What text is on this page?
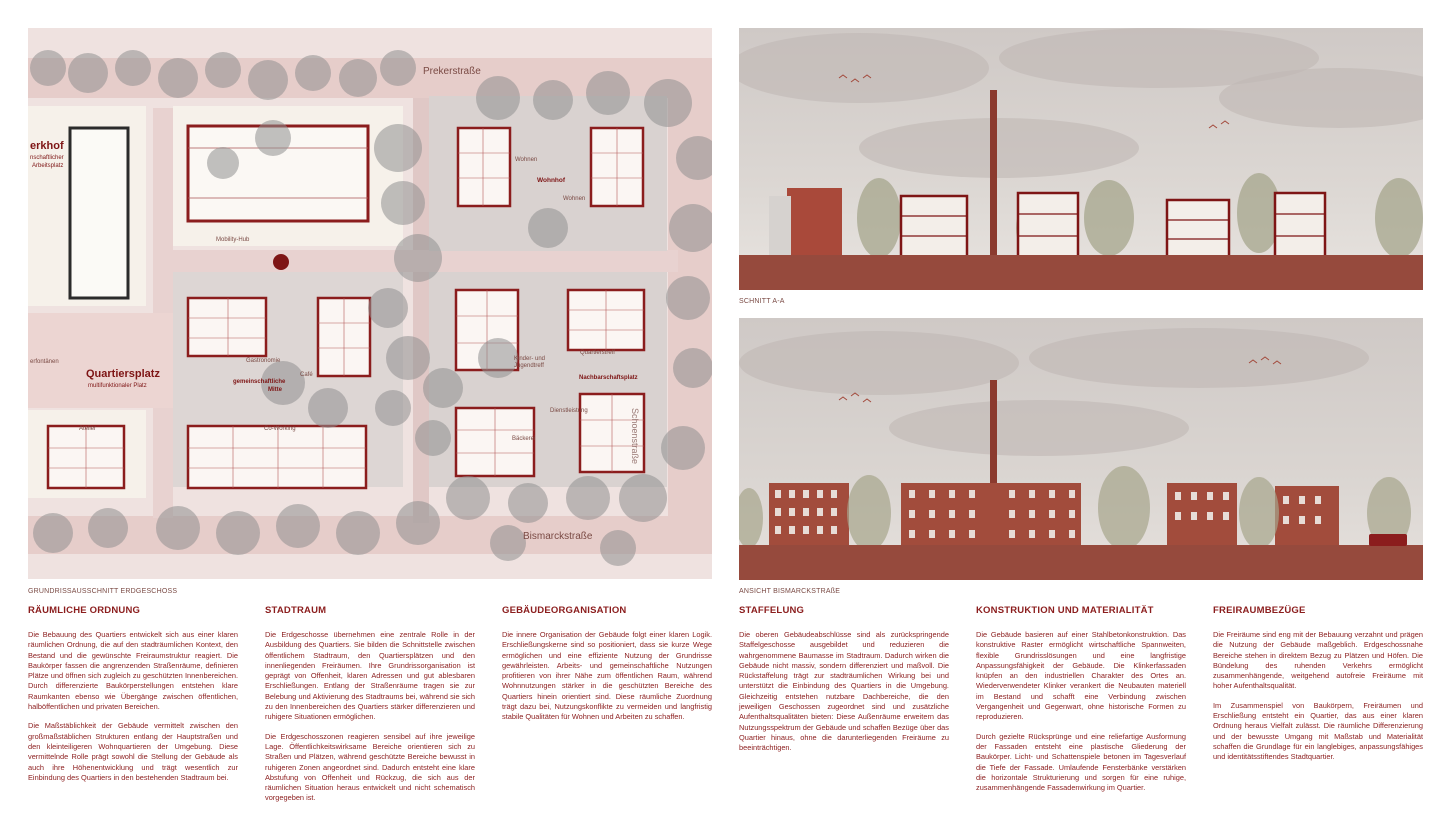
Prekerstraße
Bismarckstraße
Schoenstraße
erkhof
nschaftlicher
Arbeitsplatz
Mobility-Hub
Wohnen
Wohnhof
Wohnen
Gastronomie
gemeinschaftliche
Mitte
Café
Kinder- und
Jugendtreff
Quartierstreff
Nachbarschaftsplatz
Quartiersplatz
multifunktionaler Platz
erfontänen
Atelier	Co-Working
Bäckerei
Dienstleistung
GRUNDRISSAUSSCHNITT ERDGESCHOSS
SCHNITT A-A
ANSICHT BISMARCKSTRAßE
RÄUMLICHE ORDNUNG

Die Bebauung des Quartiers entwickelt sich aus einer klaren räumlichen Ordnung, die auf den stadträumlichen Kontext, den Bestand und die gewünschte Freiraumstruktur reagiert. Die Baukörper fassen die angrenzenden Straßenräume, definieren Plätze und öffnen sich zugleich zu geschützten Innenbereichen. Durch differenzierte Baukörperstellungen entstehen klare Raumkanten ebenso wie Übergänge zwischen öffentlichen, halböffentlichen und privaten Bereichen.

Die Maßstäblichkeit der Gebäude vermittelt zwischen den großmaßstäblichen Strukturen entlang der Hauptstraßen und den kleinteiligeren Wohnquartieren der Umgebung. Diese vermittelnde Rolle prägt sowohl die Stellung der Gebäude als auch ihre Höhenentwicklung und trägt wesentlich zur Einbindung des Quartiers in den bestehenden Stadtraum bei.

STADTRAUM

Die Erdgeschosse übernehmen eine zentrale Rolle in der Ausbildung des Quartiers. Sie bilden die Schnittstelle zwischen öffentlichem Stadtraum, den Quartiersplätzen und den innenliegenden Freiräumen. Ihre Grundrissorganisation ist geprägt von Offenheit, klaren Adressen und gut ablesbaren Erschließungen. Entlang der Straßenräume tragen sie zur Belebung und Aktivierung des Stadtraums bei, während sie sich zu den Innenbereichen des Quartiers stärker differenzieren und ruhigere Situationen ermöglichen.

Die Erdgeschosszonen reagieren sensibel auf ihre jeweilige Lage. Öffentlichkeitswirksame Bereiche orientieren sich zu Straßen und Plätzen, während geschützte Bereiche bewusst in ruhigeren Zonen angeordnet sind. Dadurch entsteht eine klare Abstufung von Offenheit und Rückzug, die sich aus der räumlichen Situation heraus entwickelt und nicht schematisch vorgegeben ist.

GEBÄUDEORGANISATION

Die innere Organisation der Gebäude folgt einer klaren Logik. Erschließungskerne sind so positioniert, dass sie kurze Wege ermöglichen und eine effiziente Nutzung der Grundrisse gewährleisten. Arbeits- und gemeinschaftliche Nutzungen profitieren von ihrer Nähe zum öffentlichen Raum, während Wohnnutzungen stärker in die geschützten Bereiche des Quartiers hinein orientiert sind. Diese räumliche Zuordnung trägt dazu bei, Nutzungskonflikte zu vermeiden und langfristig stabile Qualitäten für Wohnen und Arbeiten zu schaffen.

STAFFELUNG

Die oberen Gebäudeabschlüsse sind als zurückspringende Staffelgeschosse ausgebildet und reduzieren die wahrgenommene Baumasse im Stadtraum. Dadurch wirken die Gebäude nicht massiv, sondern differenziert und maßvoll. Die Rückstaffelung trägt zur stadträumlichen Wirkung bei und unterstützt die Einbindung des Quartiers in die Umgebung. Gleichzeitig entstehen nutzbare Dachbereiche, die den jeweiligen Geschossen zugeordnet sind und zusätzliche Aufenthaltsqualitäten bieten: Diese Außenräume erweitern das Nutzungsspektrum der Gebäude und schaffen Bezüge über das Quartier hinaus, ohne die darunterliegenden Freiräume zu beeinträchtigen.

KONSTRUKTION UND MATERIALITÄT

Die Gebäude basieren auf einer Stahlbetonkonstruktion. Das konstruktive Raster ermöglicht wirtschaftliche Spannweiten, flexible Grundrisslösungen und eine langfristige Anpassungsfähigkeit der Gebäude. Die Klinkerfassaden knüpfen an den industriellen Charakter des Ortes an. Wiederverwendeter Klinker verankert die Neubauten materiell im Bestand und schafft eine Verbindung zwischen Vergangenheit und Gegenwart, ohne historische Formen zu reproduzieren.

Durch gezielte Rücksprünge und eine reliefartige Ausformung der Fassaden entsteht eine plastische Gliederung der Baukörper. Licht- und Schattenspiele betonen im Tagesverlauf die Tiefe der Fassade. Umlaufende Fensterbänke verstärken die horizontale Strukturierung und sorgen für eine ruhige, zusammenhängende Fassadenwirkung im Quartier.

FREIRAUMBEZÜGE

Die Freiräume sind eng mit der Bebauung verzahnt und prägen die Nutzung der Gebäude maßgeblich. Erdgeschossnahe Bereiche stehen in direktem Bezug zu Plätzen und Höfen. Die Bündelung des ruhenden Verkehrs ermöglicht zusammenhängende, weitgehend autofreie Freiräume mit hoher Aufenthaltsqualität.

Im Zusammenspiel von Baukörpern, Freiräumen und Erschließung entsteht ein Quartier, das aus einer klaren Ordnung heraus Vielfalt zulässt. Die räumliche Differenzierung und der bewusste Umgang mit Maßstab und Materialität schaffen die Grundlage für ein langlebiges, anpassungsfähiges und identitätsstiftendes Stadtquartier.
